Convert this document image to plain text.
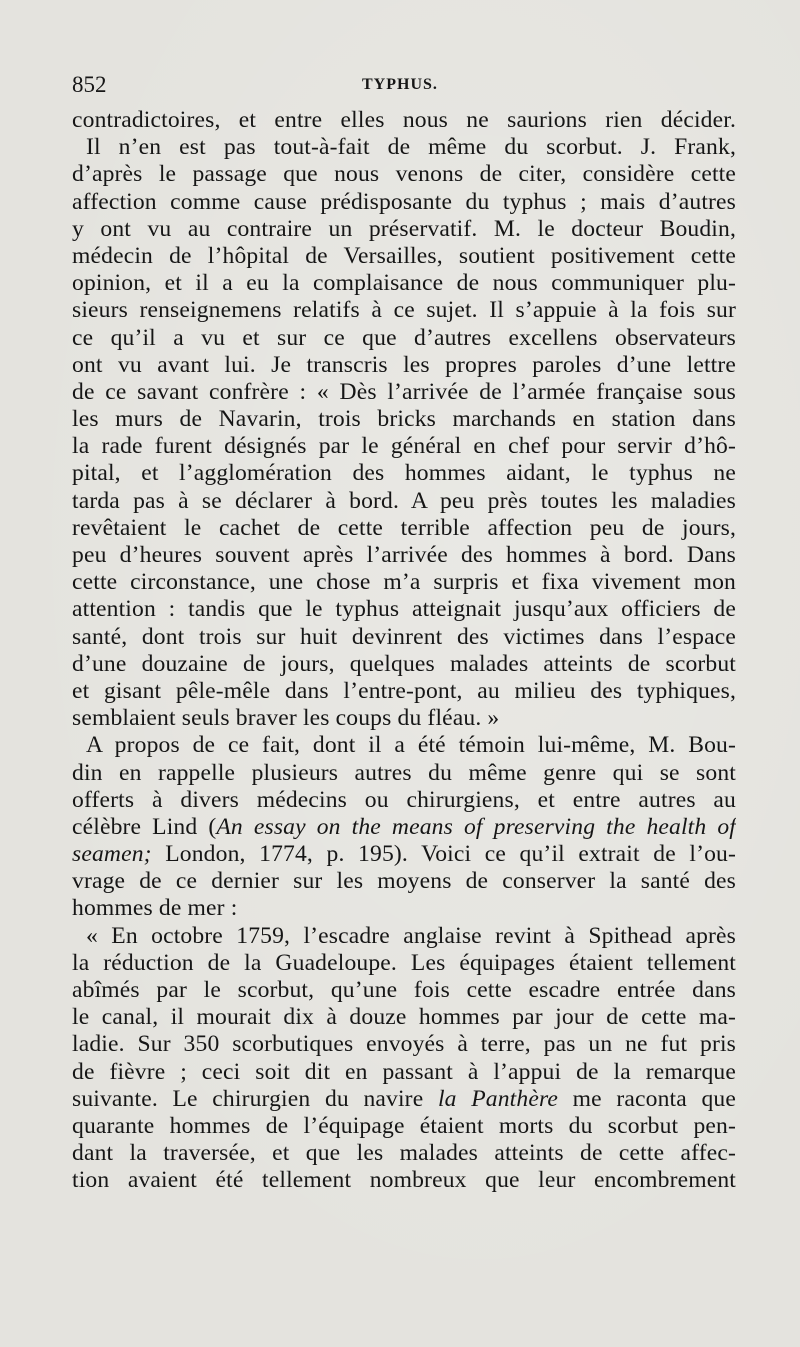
852	TYPHUS.
contradictoires, et entre elles nous ne saurions rien décider.
Il n’en est pas tout-à-fait de même du scorbut. J. Frank,
d’après le passage que nous venons de citer, considère cette
affection comme cause prédisposante du typhus ; mais d’autres
y ont vu au contraire un préservatif. M. le docteur Boudin,
médecin de l’hôpital de Versailles, soutient positivement cette
opinion, et il a eu la complaisance de nous communiquer plu-
sieurs renseignemens relatifs à ce sujet. Il s’appuie à la fois sur
ce qu’il a vu et sur ce que d’autres excellens observateurs
ont vu avant lui. Je transcris les propres paroles d’une lettre
de ce savant confrère : « Dès l’arrivée de l’armée française sous
les murs de Navarin, trois bricks marchands en station dans
la rade furent désignés par le général en chef pour servir d’hô-
pital, et l’agglomération des hommes aidant, le typhus ne
tarda pas à se déclarer à bord. A peu près toutes les maladies
revêtaient le cachet de cette terrible affection peu de jours,
peu d’heures souvent après l’arrivée des hommes à bord. Dans
cette circonstance, une chose m’a surpris et fixa vivement mon
attention : tandis que le typhus atteignait jusqu’aux officiers de
santé, dont trois sur huit devinrent des victimes dans l’espace
d’une douzaine de jours, quelques malades atteints de scorbut
et gisant pêle-mêle dans l’entre-pont, au milieu des typhiques,
semblaient seuls braver les coups du fléau. »
A propos de ce fait, dont il a été témoin lui-même, M. Bou-
din en rappelle plusieurs autres du même genre qui se sont
offerts à divers médecins ou chirurgiens, et entre autres au
célèbre Lind (An essay on the means of preserving the health of
seamen; London, 1774, p. 195). Voici ce qu’il extrait de l’ou-
vrage de ce dernier sur les moyens de conserver la santé des
hommes de mer :
« En octobre 1759, l’escadre anglaise revint à Spithead après
la réduction de la Guadeloupe. Les équipages étaient tellement
abîmés par le scorbut, qu’une fois cette escadre entrée dans
le canal, il mourait dix à douze hommes par jour de cette ma-
ladie. Sur 350 scorbutiques envoyés à terre, pas un ne fut pris
de fièvre ; ceci soit dit en passant à l’appui de la remarque
suivante. Le chirurgien du navire la Panthère me raconta que
quarante hommes de l’équipage étaient morts du scorbut pen-
dant la traversée, et que les malades atteints de cette affec-
tion avaient été tellement nombreux que leur encombrement
